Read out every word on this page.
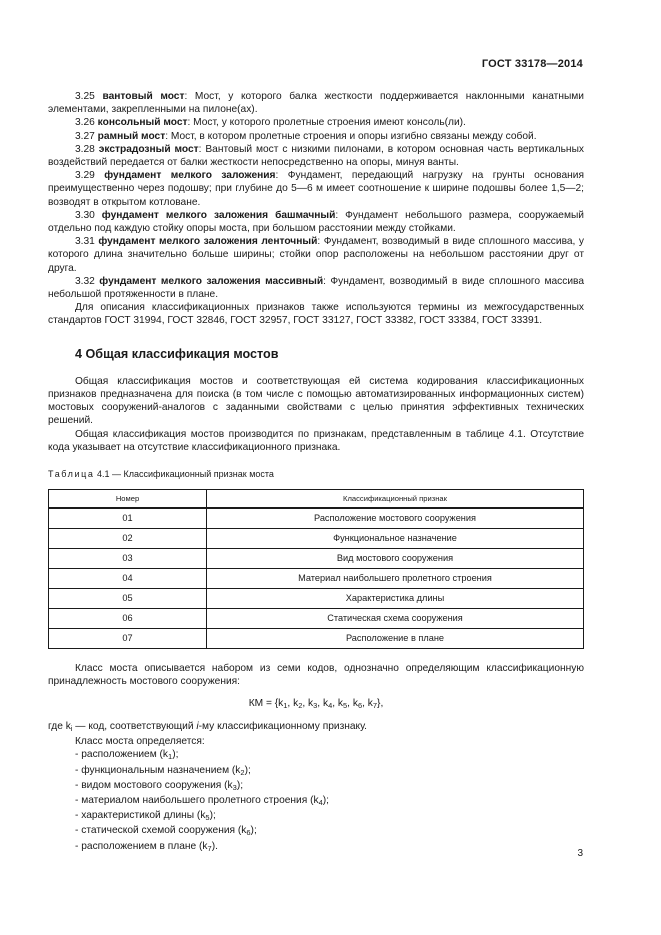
ГОСТ 33178—2014

3.25 вантовый мост: Мост, у которого балка жесткости поддерживается наклонными канатными элементами, закрепленными на пилоне(ах).

3.26 консольный мост: Мост, у которого пролетные строения имеют консоль(ли).

3.27 рамный мост: Мост, в котором пролетные строения и опоры изгибно связаны между собой.

3.28 экстрадозный мост: Вантовый мост с низкими пилонами, в котором основная часть вертикальных воздействий передается от балки жесткости непосредственно на опоры, минуя ванты.

3.29 фундамент мелкого заложения: Фундамент, передающий нагрузку на грунты основания преимущественно через подошву; при глубине до 5—6 м имеет соотношение к ширине подошвы более 1,5—2; возводят в открытом котловане.

3.30 фундамент мелкого заложения башмачный: Фундамент небольшого размера, сооружаемый отдельно под каждую стойку опоры моста, при большом расстоянии между стойками.

3.31 фундамент мелкого заложения ленточный: Фундамент, возводимый в виде сплошного массива, у которого длина значительно больше ширины; стойки опор расположены на небольшом расстоянии друг от друга.

3.32 фундамент мелкого заложения массивный: Фундамент, возводимый в виде сплошного массива небольшой протяженности в плане.

Для описания классификационных признаков также используются термины из межгосударственных стандартов ГОСТ 31994, ГОСТ 32846, ГОСТ 32957, ГОСТ 33127, ГОСТ 33382, ГОСТ 33384, ГОСТ 33391.

4 Общая классификация мостов

Общая классификация мостов и соответствующая ей система кодирования классификационных признаков предназначена для поиска (в том числе с помощью автоматизированных информационных систем) мостовых сооружений-аналогов с заданными свойствами с целью принятия эффективных технических решений.

Общая классификация мостов производится по признакам, представленным в таблице 4.1. Отсутствие кода указывает на отсутствие классификационного признака.

Таблица 4.1 — Классификационный признак моста
Номер	Классификационный признак
01	Расположение мостового сооружения
02	Функциональное назначение
03	Вид мостового сооружения
04	Материал наибольшего пролетного строения
05	Характеристика длины
06	Статическая схема сооружения
07	Расположение в плане

Класс моста описывается набором из семи кодов, однозначно определяющим классификационную принадлежность мостового сооружения:

КМ = {$k_1$, $k_2$, $k_3$, $k_4$, $k_5$, $k_6$, $k_7$},

где $k_i$ — код, соответствующий i-му классификационному признаку.

Класс моста определяется:

- расположением $(k_1)$;
- функциональным назначением $(k_2)$;
- видом мостового сооружения $(k_3)$;
- материалом наибольшего пролетного строения $(k_4)$;
- характеристикой длины $(k_5)$;
- статической схемой сооружения $(k_6)$;
- расположением в плане $(k_7)$.
3
